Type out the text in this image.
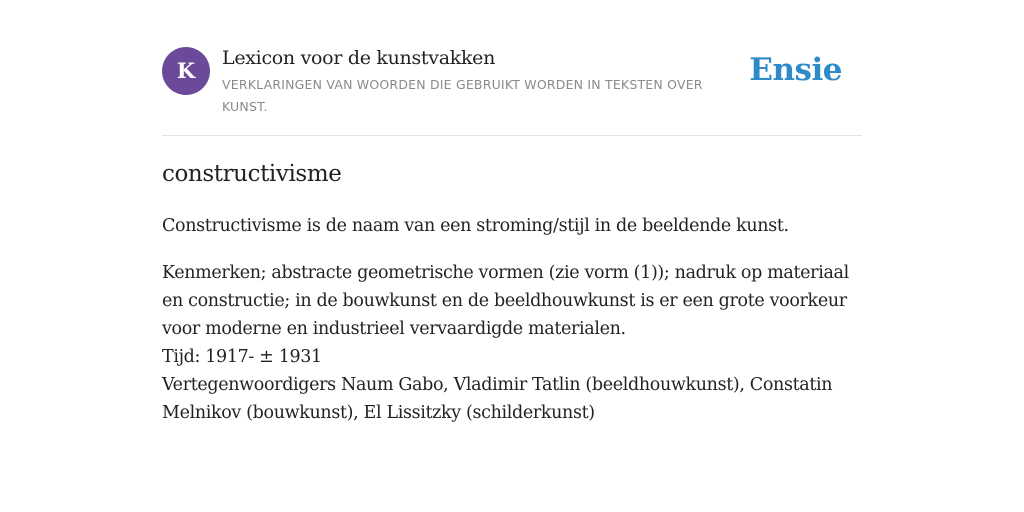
K	Lexicon voor de kunstvakken
VERKLARINGEN VAN WOORDEN DIE GEBRUIKT WORDEN IN TEKSTEN OVER KUNST.
Ensie
constructivisme

Constructivisme is de naam van een stroming/stijl in de beeldende kunst.

Kenmerken; abstracte geometrische vormen (zie vorm (1)); nadruk op materiaal en constructie; in de bouwkunst en de beeldhouwkunst is er een grote voorkeur voor moderne en industrieel vervaardigde materialen.
Tijd: 1917- ± 1931
Vertegenwoordigers Naum Gabo, Vladimir Tatlin (beeldhouwkunst), Constatin Melnikov (bouwkunst), El Lissitzky (schilderkunst)
